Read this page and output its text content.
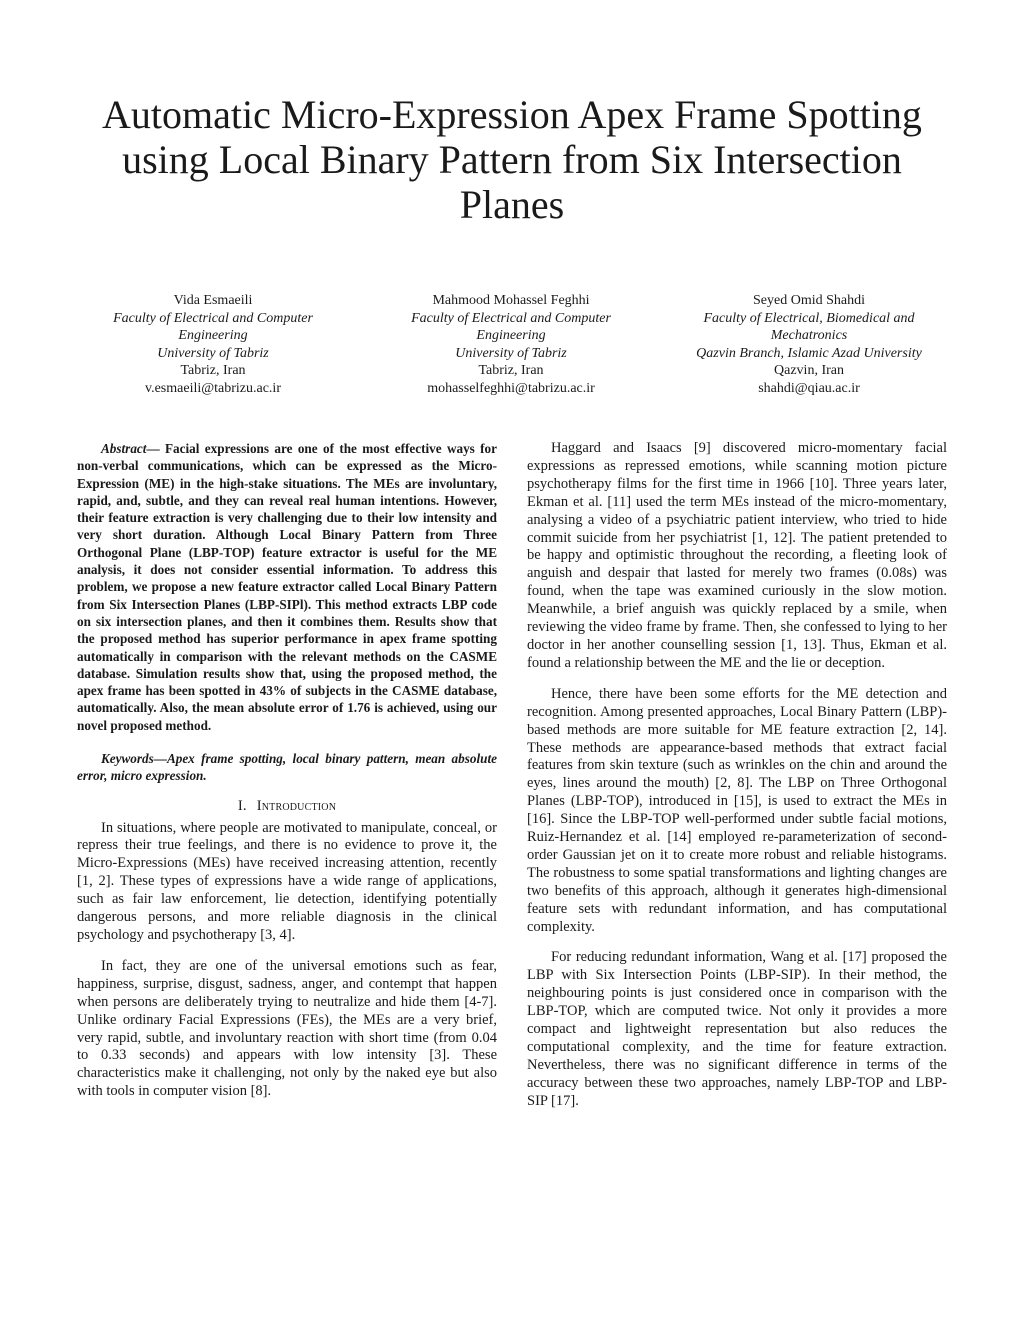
Automatic Micro-Expression Apex Frame Spotting
using Local Binary Pattern from Six Intersection
Planes
Vida Esmaeili
Faculty of Electrical and Computer
Engineering
University of Tabriz
Tabriz, Iran
v.esmaeili@tabrizu.ac.ir
Mahmood Mohassel Feghhi
Faculty of Electrical and Computer
Engineering
University of Tabriz
Tabriz, Iran
mohasselfeghhi@tabrizu.ac.ir
Seyed Omid Shahdi
Faculty of Electrical, Biomedical and
Mechatronics
Qazvin Branch, Islamic Azad University
Qazvin, Iran
shahdi@qiau.ac.ir

Abstract— Facial expressions are one of the most effective ways for non-verbal communications, which can be expressed as the Micro-Expression (ME) in the high-stake situations. The MEs are involuntary, rapid, and, subtle, and they can reveal real human intentions. However, their feature extraction is very challenging due to their low intensity and very short duration. Although Local Binary Pattern from Three Orthogonal Plane (LBP-TOP) feature extractor is useful for the ME analysis, it does not consider essential information. To address this problem, we propose a new feature extractor called Local Binary Pattern from Six Intersection Planes (LBP-SIPl). This method extracts LBP code on six intersection planes, and then it combines them. Results show that the proposed method has superior performance in apex frame spotting automatically in comparison with the relevant methods on the CASME database. Simulation results show that, using the proposed method, the apex frame has been spotted in 43% of subjects in the CASME database, automatically. Also, the mean absolute error of 1.76 is achieved, using our novel proposed method.

Keywords—Apex frame spotting, local binary pattern, mean absolute error, micro expression.

I. Introduction

In situations, where people are motivated to manipulate, conceal, or repress their true feelings, and there is no evidence to prove it, the Micro-Expressions (MEs) have received increasing attention, recently [1, 2]. These types of expressions have a wide range of applications, such as fair law enforcement, lie detection, identifying potentially dangerous persons, and more reliable diagnosis in the clinical psychology and psychotherapy [3, 4].

In fact, they are one of the universal emotions such as fear, happiness, surprise, disgust, sadness, anger, and contempt that happen when persons are deliberately trying to neutralize and hide them [4-7]. Unlike ordinary Facial Expressions (FEs), the MEs are a very brief, very rapid, subtle, and involuntary reaction with short time (from 0.04 to 0.33 seconds) and appears with low intensity [3]. These characteristics make it challenging, not only by the naked eye but also with tools in computer vision [8].

Haggard and Isaacs [9] discovered micro-momentary facial expressions as repressed emotions, while scanning motion picture psychotherapy films for the first time in 1966 [10]. Three years later, Ekman et al. [11] used the term MEs instead of the micro-momentary, analysing a video of a psychiatric patient interview, who tried to hide commit suicide from her psychiatrist [1, 12]. The patient pretended to be happy and optimistic throughout the recording, a fleeting look of anguish and despair that lasted for merely two frames (0.08s) was found, when the tape was examined curiously in the slow motion. Meanwhile, a brief anguish was quickly replaced by a smile, when reviewing the video frame by frame. Then, she confessed to lying to her doctor in her another counselling session [1, 13]. Thus, Ekman et al. found a relationship between the ME and the lie or deception.

Hence, there have been some efforts for the ME detection and recognition. Among presented approaches, Local Binary Pattern (LBP)-based methods are more suitable for ME feature extraction [2, 14]. These methods are appearance-based methods that extract facial features from skin texture (such as wrinkles on the chin and around the eyes, lines around the mouth) [2, 8]. The LBP on Three Orthogonal Planes (LBP-TOP), introduced in [15], is used to extract the MEs in [16]. Since the LBP-TOP well-performed under subtle facial motions, Ruiz-Hernandez et al. [14] employed re-parameterization of second-order Gaussian jet on it to create more robust and reliable histograms. The robustness to some spatial transformations and lighting changes are two benefits of this approach, although it generates high-dimensional feature sets with redundant information, and has computational complexity.

For reducing redundant information, Wang et al. [17] proposed the LBP with Six Intersection Points (LBP-SIP). In their method, the neighbouring points is just considered once in comparison with the LBP-TOP, which are computed twice. Not only it provides a more compact and lightweight representation but also reduces the computational complexity, and the time for feature extraction. Nevertheless, there was no significant difference in terms of the accuracy between these two approaches, namely LBP-TOP and LBP-SIP [17].
